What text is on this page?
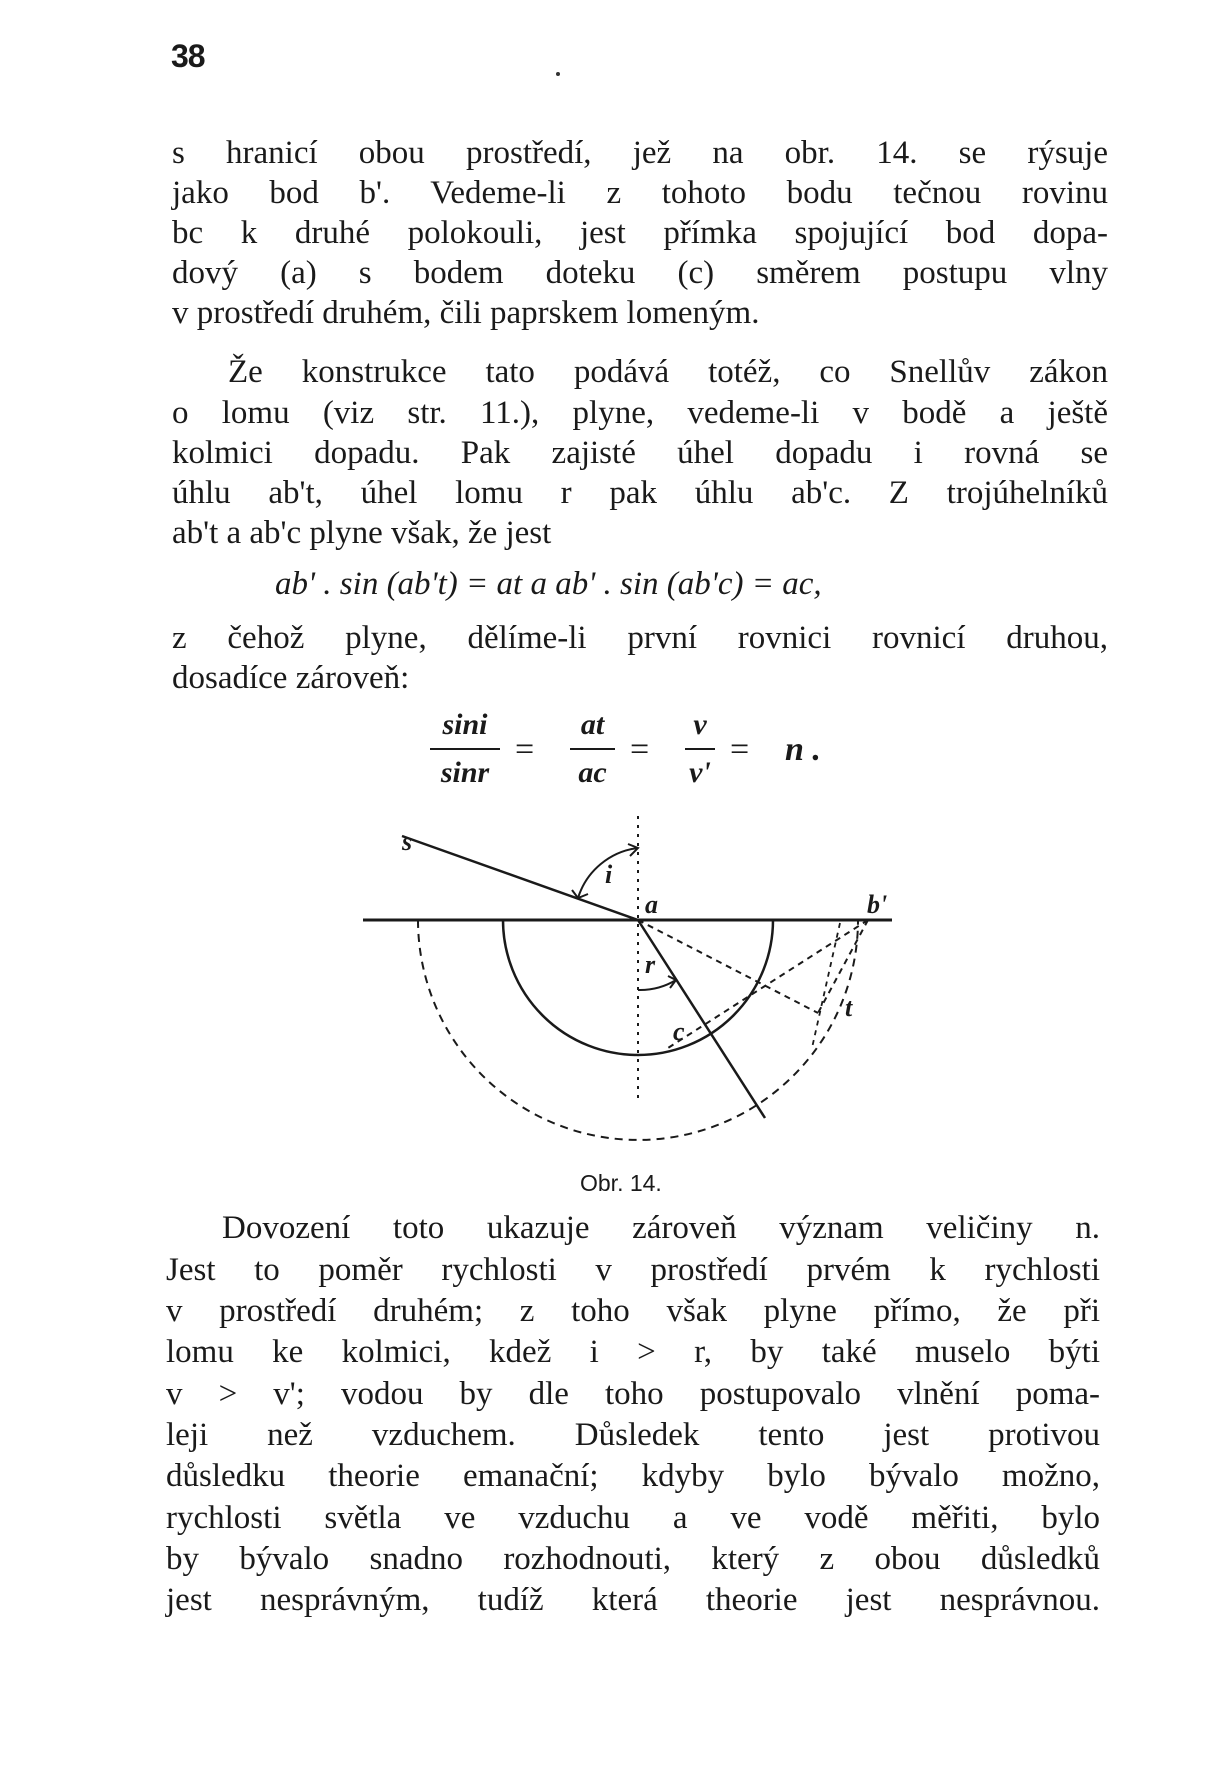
38
s hranicí obou prostředí, jež na obr. 14. se rýsuje
jako bod b'. Vedeme-li z tohoto bodu tečnou rovinu
bc k druhé polokouli, jest přímka spojující bod dopa-
dový (a) s bodem doteku (c) směrem postupu vlny
v prostředí druhém, čili paprskem lomeným.
Že konstrukce tato podává totéž, co Snellův zákon
o lomu (viz str. 11.), plyne, vedeme-li v bodě a ještě
kolmici dopadu. Pak zajisté úhel dopadu i rovná se
úhlu ab't, úhel lomu r pak úhlu ab'c. Z trojúhelníků
ab't a ab'c plyne však, že jest
ab' . sin (ab't) = at a ab' . sin (ab'c) = ac,
z čehož plyne, dělíme-li první rovnici rovnicí druhou,
dosadíce zároveň:
sini
sinr
=
at
ac
=
v
v'
= n .
s
i
a	b'
r
c
t
Obr. 14.
Dovození toto ukazuje zároveň význam veličiny n.
Jest to poměr rychlosti v prostředí prvém k rychlosti
v prostředí druhém; z toho však plyne přímo, že při
lomu ke kolmici, kdež i > r, by také muselo býti
v > v'; vodou by dle toho postupovalo vlnění poma-
leji než vzduchem. Důsledek tento jest protivou
důsledku theorie emanační; kdyby bylo bývalo možno,
rychlosti světla ve vzduchu a ve vodě měřiti, bylo
by bývalo snadno rozhodnouti, který z obou důsledků
jest nesprávným, tudíž která theorie jest nesprávnou.
